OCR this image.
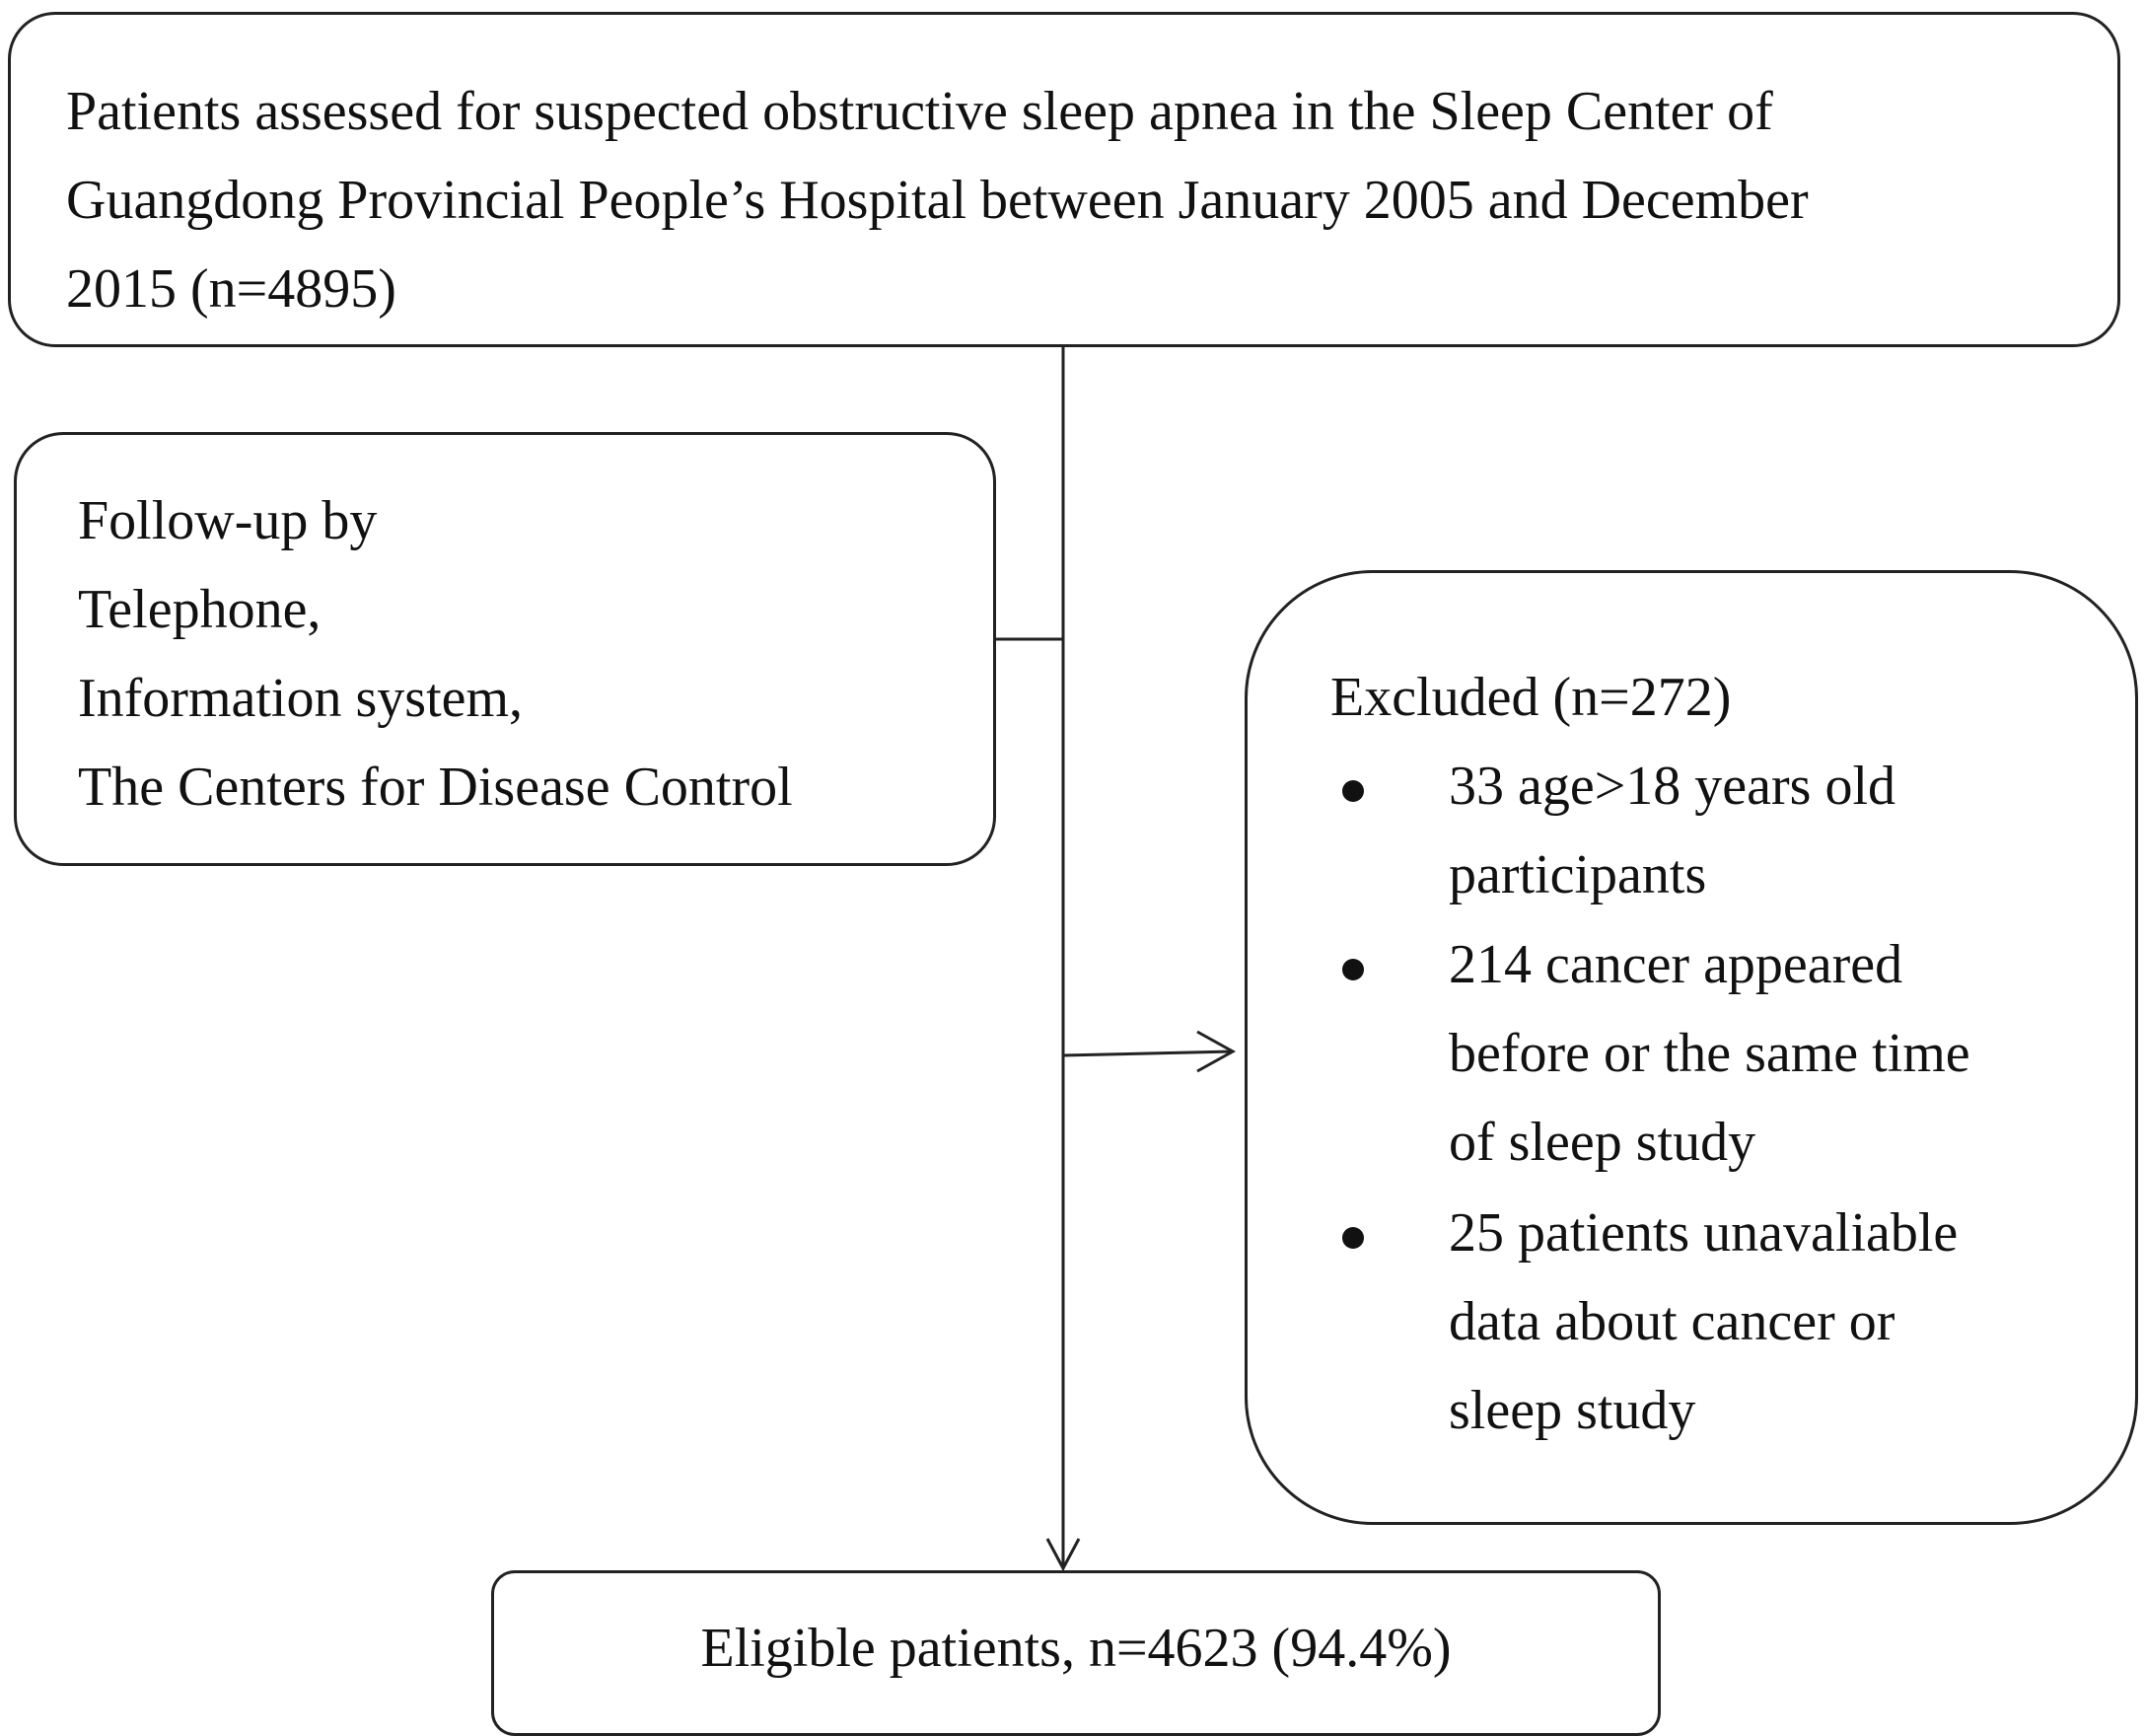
Patients assessed for suspected obstructive sleep apnea in the Sleep Center of
Guangdong Provincial People’s Hospital between January 2005 and December
2015 (n=4895)
Follow-up by
Telephone,
Information system,
The Centers for Disease Control
Excluded (n=272)
33 age>18 years old
participants
214 cancer appeared
before or the same time
of sleep study
25 patients unavaliable
data about cancer or
sleep study
Eligible patients, n=4623 (94.4%)
